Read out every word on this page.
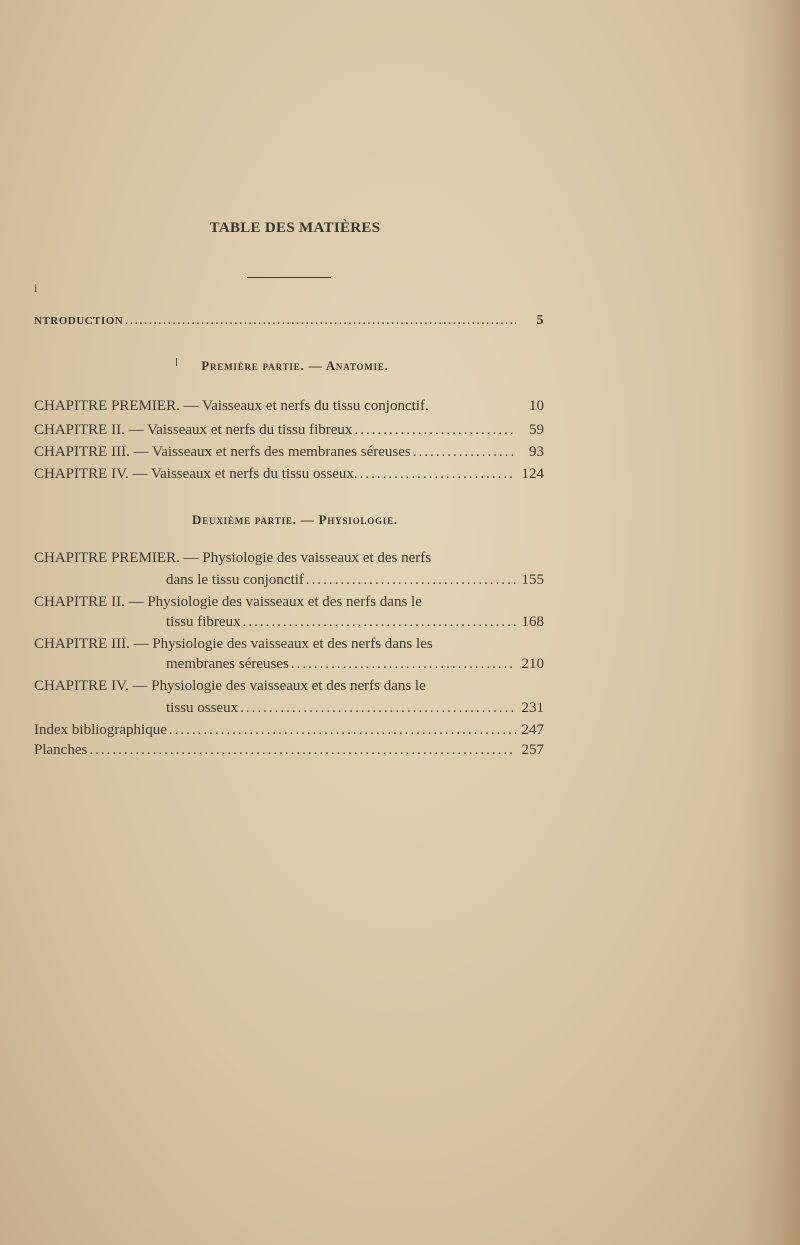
TABLE DES MATIÈRES
i
NTRODUCTION .....	5
Première partie. — Anatomie.
CHAPITRE PREMIER. — Vaisseaux et nerfs du tissu conjonctif.	10
CHAPITRE II. — Vaisseaux et nerfs du tissu fibreux .....	59
CHAPITRE III. — Vaisseaux et nerfs des membranes séreuses .....	93
CHAPITRE IV. — Vaisseaux et nerfs du tissu osseux. .....	124
Deuxième partie. — Physiologie.
CHAPITRE PREMIER. — Physiologie des vaisseaux et des nerfs
dans le tissu conjonctif .....	155
CHAPITRE II. — Physiologie des vaisseaux et des nerfs dans le
tissu fibreux .....	168
CHAPITRE III. — Physiologie des vaisseaux et des nerfs dans les
membranes séreuses .....	210
CHAPITRE IV. — Physiologie des vaisseaux et des nerfs dans le
tissu osseux .....	231
Index bibliographique .....	247
Planches .....	257
